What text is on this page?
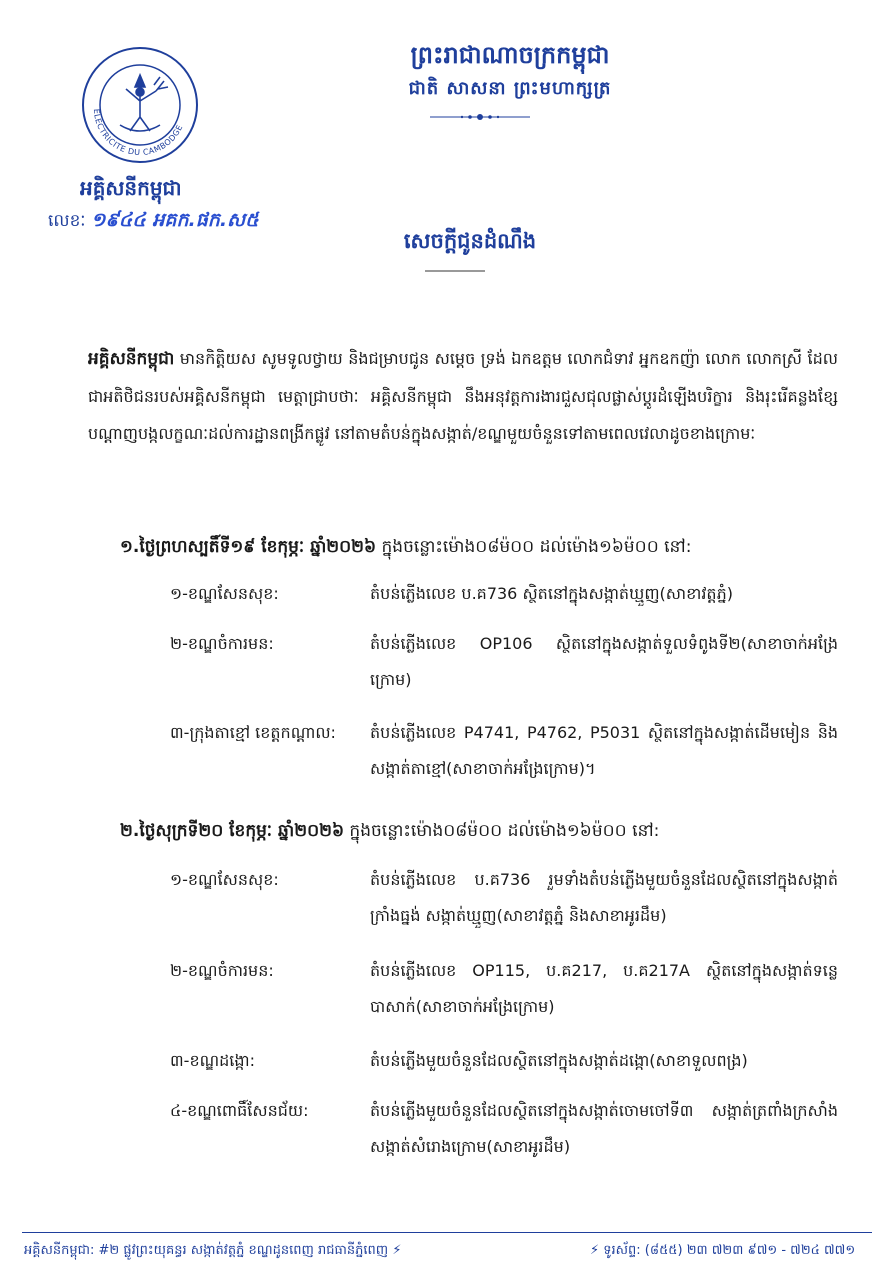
ELECTRICITE DU CAMBODGE
អគ្គិសនីកម្ពុជា
លេខៈ ១៩៤៤ អគក.ផក.ស៥
ព្រះរាជាណាចក្រកម្ពុជា
ជាតិ សាសនា ព្រះមហាក្សត្រ
សេចក្តីជូនដំណឹង
អគ្គិសនីកម្ពុជា មានកិត្តិយស សូមទូលថ្វាយ និងជម្រាបជូន សម្តេច ទ្រង់ ឯកឧត្តម លោកជំទាវ អ្នកឧកញ៉ា លោក លោកស្រី ដែលជាអតិថិជនរបស់អគ្គិសនីកម្ពុជា មេត្តាជ្រាបថាៈ អគ្គិសនីកម្ពុជា នឹងអនុវត្តការងារជួសជុលផ្លាស់ប្តូរដំឡើងបរិក្ខារ និងរុះរើគន្លងខ្សែបណ្តាញបង្កលក្ខណៈដល់ការដ្ឋានពង្រីកផ្លូវ នៅតាមតំបន់ក្នុងសង្កាត់/ខណ្ឌមួយចំនួនទៅតាមពេលវេលាដូចខាងក្រោមៈ
១.ថ្ងៃព្រហស្បតិ៍ទី១៩ ខែកុម្ភៈ ឆ្នាំ២០២៦ ក្នុងចន្លោះម៉ោង០៨ម៉០០ ដល់ម៉ោង១៦ម៉០០ នៅ:
១-ខណ្ឌសែនសុខ:	តំបន់ភ្លើងលេខ ប.គ736 ស្ថិតនៅក្នុងសង្កាត់ឃ្មួញ(សាខាវត្តភ្នំ)
២-ខណ្ឌចំការមន:	តំបន់ភ្លើងលេខ OP106 ស្ថិតនៅក្នុងសង្កាត់ទួលទំពូងទី២(សាខាចាក់អង្រែក្រោម)
៣-ក្រុងតាខ្មៅ ខេត្តកណ្តាល: តំបន់ភ្លើងលេខ P4741, P4762, P5031 ស្ថិតនៅក្នុងសង្កាត់ដើមមៀន និងសង្កាត់តាខ្មៅ(សាខាចាក់អង្រែក្រោម)។
២.ថ្ងៃសុក្រទី២០ ខែកុម្ភៈ ឆ្នាំ២០២៦ ក្នុងចន្លោះម៉ោង០៨ម៉០០ ដល់ម៉ោង១៦ម៉០០ នៅ:
១-ខណ្ឌសែនសុខ:	តំបន់ភ្លើងលេខ ប.គ736 រួមទាំងតំបន់ភ្លើងមួយចំនួនដែលស្ថិតនៅក្នុងសង្កាត់ក្រាំងធ្នង់ សង្កាត់ឃ្មួញ(សាខាវត្តភ្នំ និងសាខាអូរដឹម)
២-ខណ្ឌចំការមន:	តំបន់ភ្លើងលេខ OP115, ប.គ217, ប.គ217A ស្ថិតនៅក្នុងសង្កាត់ទន្លេបាសាក់(សាខាចាក់អង្រែក្រោម)
៣-ខណ្ឌដង្កោ:	តំបន់ភ្លើងមួយចំនួនដែលស្ថិតនៅក្នុងសង្កាត់ដង្កោ(សាខាទួលពង្រ)
៤-ខណ្ឌពោធិ៍សែនជ័យ:	តំបន់ភ្លើងមួយចំនួនដែលស្ថិតនៅក្នុងសង្កាត់ចោមចៅទី៣ សង្កាត់ត្រពាំងក្រសាំង សង្កាត់សំរោងក្រោម(សាខាអូរដឹម)
អគ្គិសនីកម្ពុជា: #២ ផ្លូវព្រះយុគន្ធរ សង្កាត់វត្តភ្នំ ខណ្ឌដូនពេញ រាជធានីភ្នំពេញ ⚡	⚡ ទូរស័ព្ទ: (៨៥៥) ២៣ ៧២៣ ៩៧១ - ៧២៤ ៧៧១
